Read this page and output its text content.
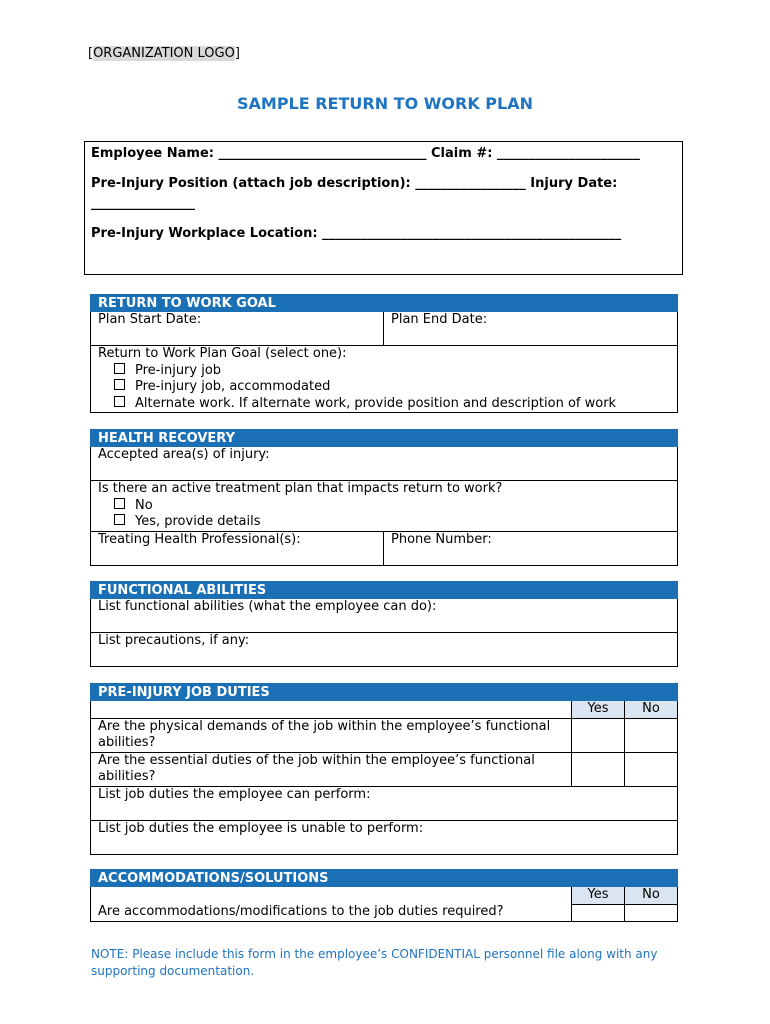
[ORGANIZATION LOGO]
SAMPLE RETURN TO WORK PLAN

Employee Name: ________________________________ Claim #: ______________________

Pre-Injury Position (attach job description): _________________ Injury Date: ________________

Pre-Injury Workplace Location: ______________________________________________

RETURN TO WORK GOAL
Plan Start Date:	Plan End Date:

Return to Work Plan Goal (select one):
Pre-injury job
Pre-injury job, accommodated
Alternate work. If alternate work, provide position and description of work
HEALTH RECOVERY
Accepted area(s) of injury:

Is there an active treatment plan that impacts return to work?
No
Yes, provide details
Treating Health Professional(s):	Phone Number:
FUNCTIONAL ABILITIES
List functional abilities (what the employee can do):
List precautions, if any:
PRE-INJURY JOB DUTIES		
	Yes	No
Are the physical demands of the job within the employee’s functional abilities?		
Are the essential duties of the job within the employee’s functional abilities?		
List job duties the employee can perform:		
List job duties the employee is unable to perform:		
ACCOMMODATIONS/SOLUTIONS		
	Yes	No
Are accommodations/modifications to the job duties required?		
NOTE: Please include this form in the employee’s CONFIDENTIAL personnel file along with any supporting documentation.
